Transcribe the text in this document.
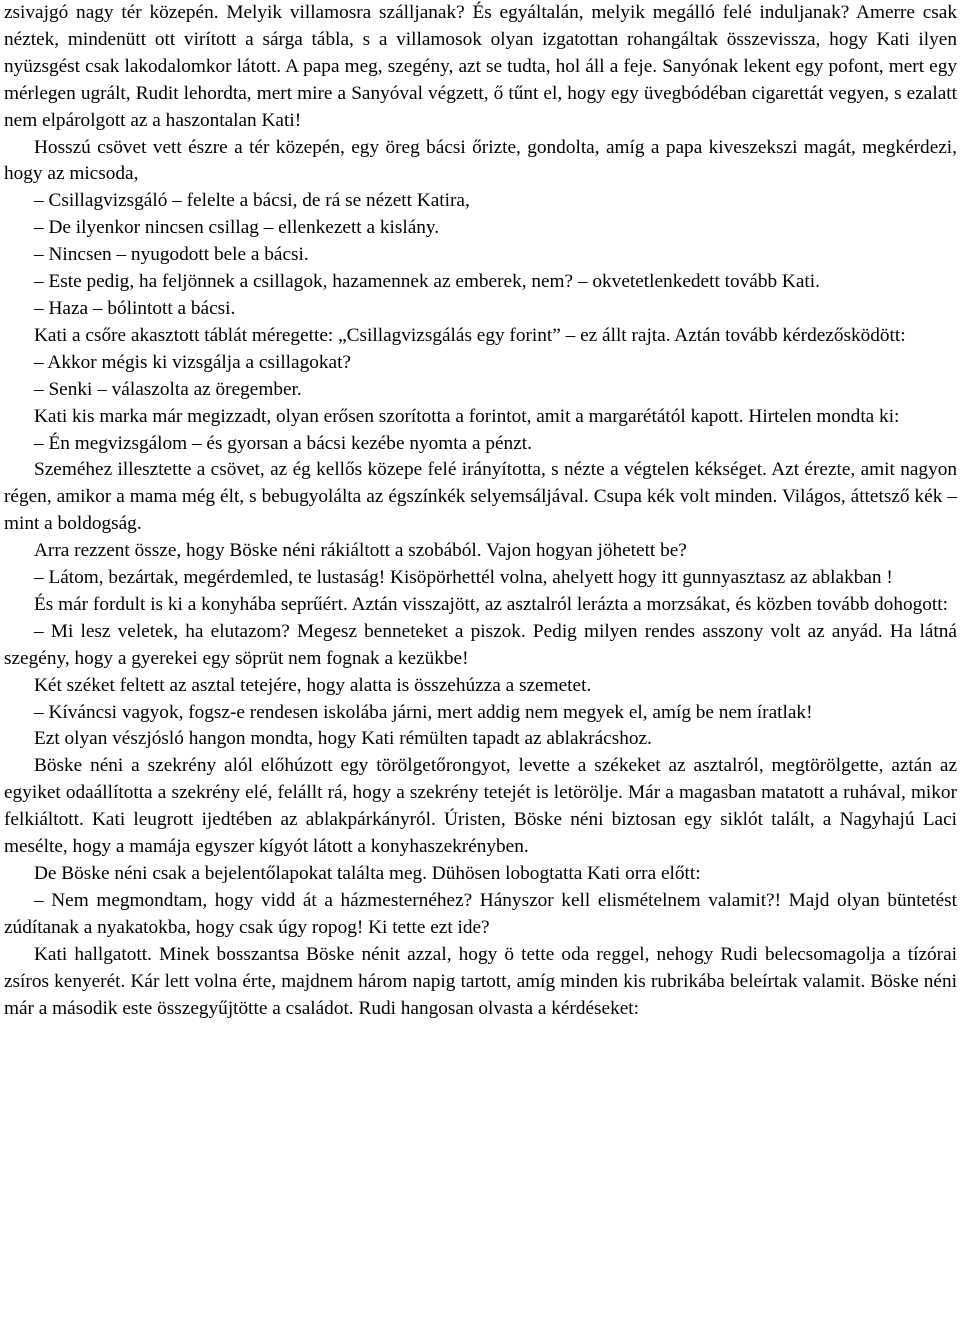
zsivajgó nagy tér közepén. Melyik villamosra szálljanak? És egyáltalán, melyik megálló felé induljanak? Amerre csak néztek, mindenütt ott virított a sárga tábla, s a villamosok olyan izgatottan rohangáltak összevissza, hogy Kati ilyen nyüzsgést csak lakodalomkor látott. A papa meg, szegény, azt se tudta, hol áll a feje. Sanyónak lekent egy pofont, mert egy mérlegen ugrált, Rudit lehordta, mert mire a Sanyóval végzett, ő tűnt el, hogy egy üvegbódéban cigarettát vegyen, s ezalatt nem elpárolgott az a haszontalan Kati!

Hosszú csövet vett észre a tér közepén, egy öreg bácsi őrizte, gondolta, amíg a papa kiveszekszi magát, megkérdezi, hogy az micsoda,

– Csillagvizsgáló – felelte a bácsi, de rá se nézett Katira,

– De ilyenkor nincsen csillag – ellenkezett a kislány.

– Nincsen – nyugodott bele a bácsi.

– Este pedig, ha feljönnek a csillagok, hazamennek az emberek, nem? – okvetetlenkedett tovább Kati.

– Haza – bólintott a bácsi.

Kati a csőre akasztott táblát méregette: „Csillagvizsgálás egy forint” – ez állt rajta. Aztán tovább kérdezősködött:

– Akkor mégis ki vizsgálja a csillagokat?

– Senki – válaszolta az öregember.

Kati kis marka már megizzadt, olyan erősen szorította a forintot, amit a margarétától kapott. Hirtelen mondta ki:

– Én megvizsgálom – és gyorsan a bácsi kezébe nyomta a pénzt.

Szeméhez illesztette a csövet, az ég kellős közepe felé irányította, s nézte a végtelen kékséget. Azt érezte, amit nagyon régen, amikor a mama még élt, s bebugyolálta az égszínkék selyemsáljával. Csupa kék volt minden. Világos, áttetsző kék – mint a boldogság.

Arra rezzent össze, hogy Böske néni rákiáltott a szobából. Vajon hogyan jöhetett be?

– Látom, bezártak, megérdemled, te lustaság! Kisöpörhettél volna, ahelyett hogy itt gunnyasztasz az ablakban !

És már fordult is ki a konyhába seprűért. Aztán visszajött, az asztalról lerázta a morzsákat, és közben tovább dohogott:

– Mi lesz veletek, ha elutazom? Megesz benneteket a piszok. Pedig milyen rendes asszony volt az anyád. Ha látná szegény, hogy a gyerekei egy söprüt nem fognak a kezükbe!

Két széket feltett az asztal tetejére, hogy alatta is összehúzza a szemetet.

– Kíváncsi vagyok, fogsz-e rendesen iskolába járni, mert addig nem megyek el, amíg be nem íratlak!

Ezt olyan vészjósló hangon mondta, hogy Kati rémülten tapadt az ablakrácshoz.

Böske néni a szekrény alól előhúzott egy törölgetőrongyot, levette a székeket az asztalról, megtörölgette, aztán az egyiket odaállította a szekrény elé, felállt rá, hogy a szekrény tetejét is letörölje. Már a magasban matatott a ruhával, mikor felkiáltott. Kati leugrott ijedtében az ablakpárkányról. Úristen, Böske néni biztosan egy siklót talált, a Nagyhajú Laci mesélte, hogy a mamája egyszer kígyót látott a konyhaszekrényben.

De Böske néni csak a bejelentőlapokat találta meg. Dühösen lobogtatta Kati orra előtt:

– Nem megmondtam, hogy vidd át a házmesternéhez? Hányszor kell elismételnem valamit?! Majd olyan büntetést zúdítanak a nyakatokba, hogy csak úgy ropog! Ki tette ezt ide?

Kati hallgatott. Minek bosszantsa Böske nénit azzal, hogy ö tette oda reggel, nehogy Rudi belecsomagolja a tízórai zsíros kenyerét. Kár lett volna érte, majdnem három napig tartott, amíg minden kis rubrikába beleírtak valamit. Böske néni már a második este összegyűjtötte a családot. Rudi hangosan olvasta a kérdéseket:
